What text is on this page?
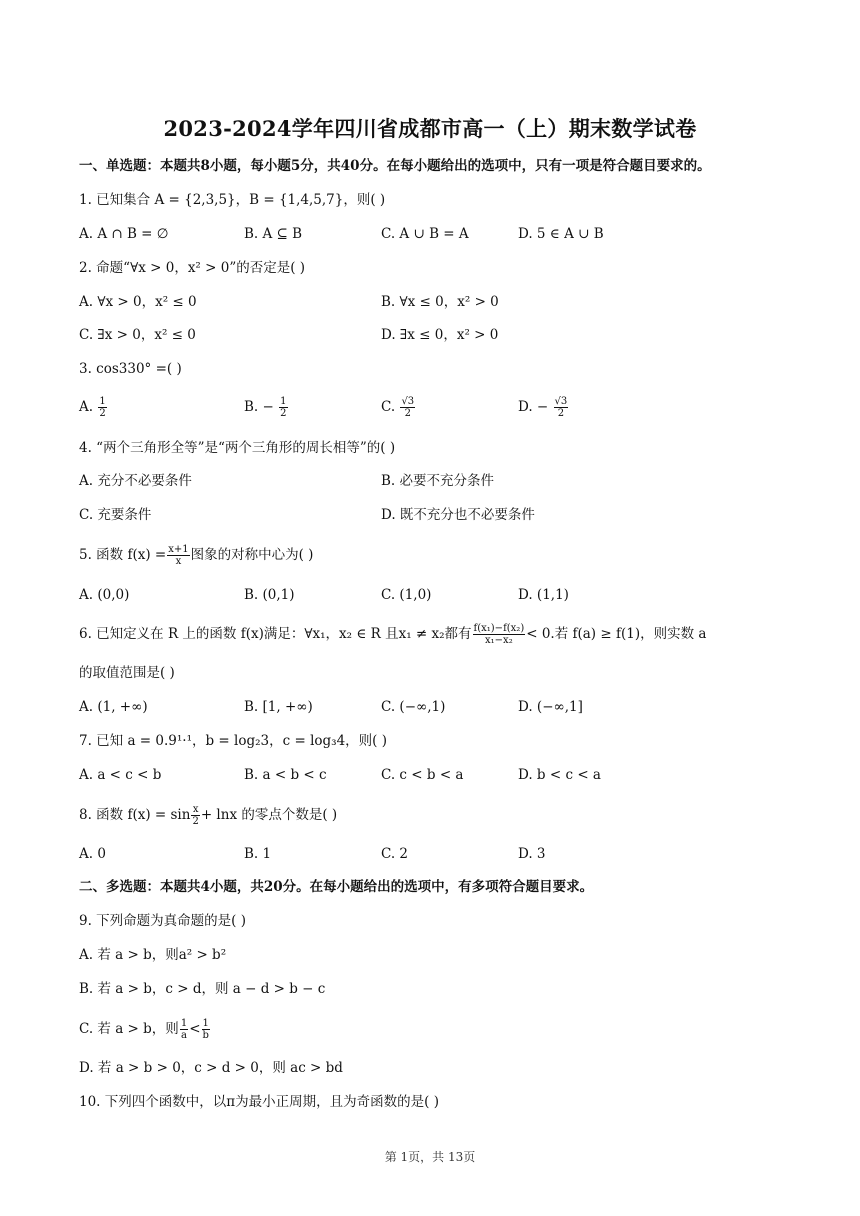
2023-2024学年四川省成都市高一（上）期末数学试卷
一、单选题：本题共8小题，每小题5分，共40分。在每小题给出的选项中，只有一项是符合题目要求的。
1. 已知集合 A = {2,3,5}，B = {1,4,5,7}，则( )
A. A ∩ B = ∅	B. A ⊆ B	C. A ∪ B = A	D. 5 ∈ A ∪ B
2. 命题“∀x > 0，x² > 0”的否定是( )
A. ∀x > 0，x² ≤ 0	B. ∀x ≤ 0，x² > 0
C. ∃x > 0，x² ≤ 0	D. ∃x ≤ 0，x² > 0
3. cos330° =( )
A. $\frac{1}{2}$	B. − $\frac{1}{2}$	C. $\frac{√3}{2}$	D. − $\frac{√3}{2}$
4. “两个三角形全等”是“两个三角形的周长相等”的( )
A. 充分不必要条件	B. 必要不充分条件
C. 充要条件	D. 既不充分也不必要条件
5. 函数 $f(x) = \frac{x+1}{x}$ 图象的对称中心为( )
A. (0,0)	B. (0,1)	C. (1,0)	D. (1,1)
6. 已知定义在 R 上的函数 f(x)满足：∀x₁，x₂ ∈ R 且x₁ ≠ x₂都有 $\frac{\text{f(x₁)−f(x₂)}}{\text{x₁−x₂}} < 0$.若 f(a) ≥ f(1)，则实数 a
的取值范围是( )
A. (1, +∞)	B. [1, +∞)	C. (−∞,1)	D. (−∞,1]
7. 已知 a = 0.9¹·¹，b = log₂3，c = log₃4，则( )
A. a < c < b	B. a < b < c	C. c < b < a	D. b < c < a
8. 函数 $f(x) = \sin \frac{x}{2} + \ln x$ 的零点个数是( )
A. 0	B. 1	C. 2	D. 3
二、多选题：本题共4小题，共20分。在每小题给出的选项中，有多项符合题目要求。
9. 下列命题为真命题的是( )
A. 若 a > b，则a² > b²
B. 若 a > b，c > d，则 a − d > b − c
C. 若 a > b，则 $\frac{1}{a} < \frac{1}{b}$
D. 若 a > b > 0，c > d > 0，则 ac > bd
10. 下列四个函数中，以π为最小正周期，且为奇函数的是( )
第 1页，共 13页
